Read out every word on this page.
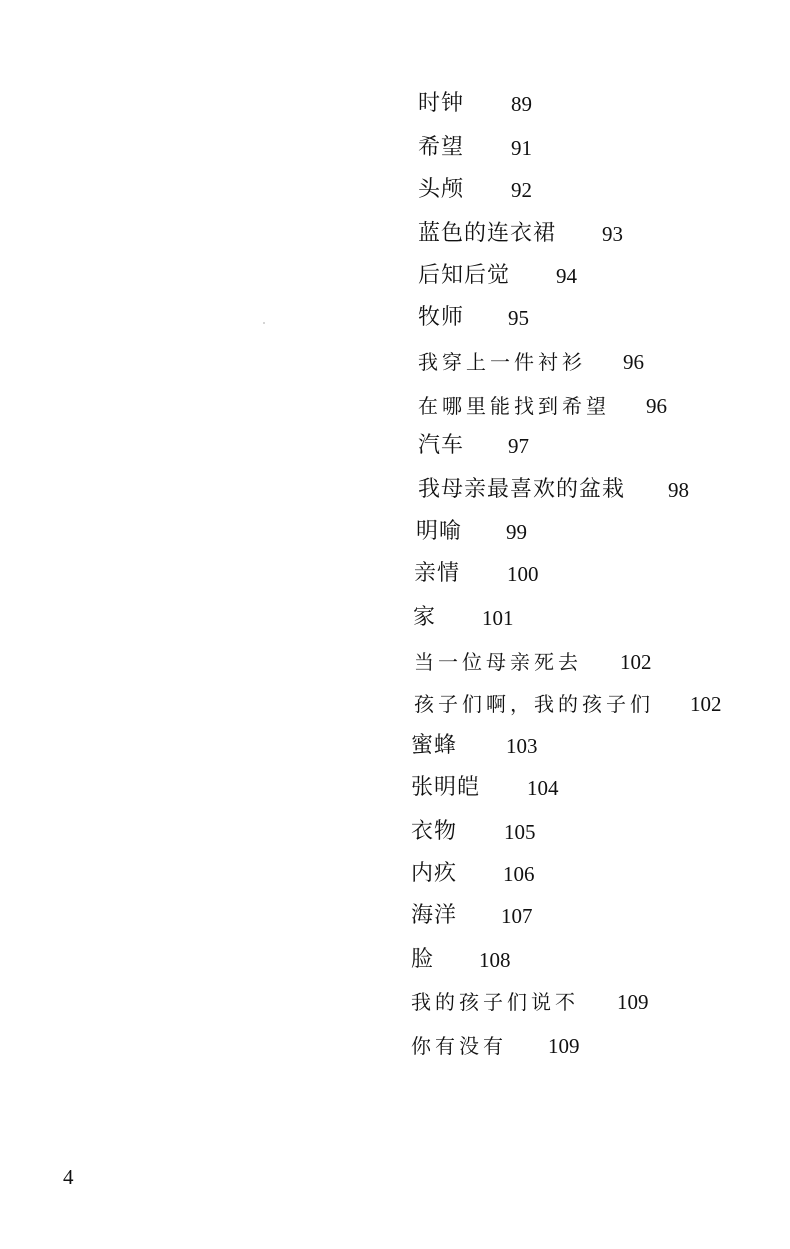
时钟 89
希望 91
头颅 92
蓝色的连衣裙 93
后知后觉 94
牧师 95
我穿上一件衬衫 96
在哪里能找到希望 96
汽车 97
我母亲最喜欢的盆栽 98
明喻 99
亲情 100
家 101
当一位母亲死去 102
孩子们啊，我的孩子们 102
蜜蜂 103
张明皑 104
衣物 105
内疚 106
海洋 107
脸 108
我的孩子们说不 109
你有没有 109
4
